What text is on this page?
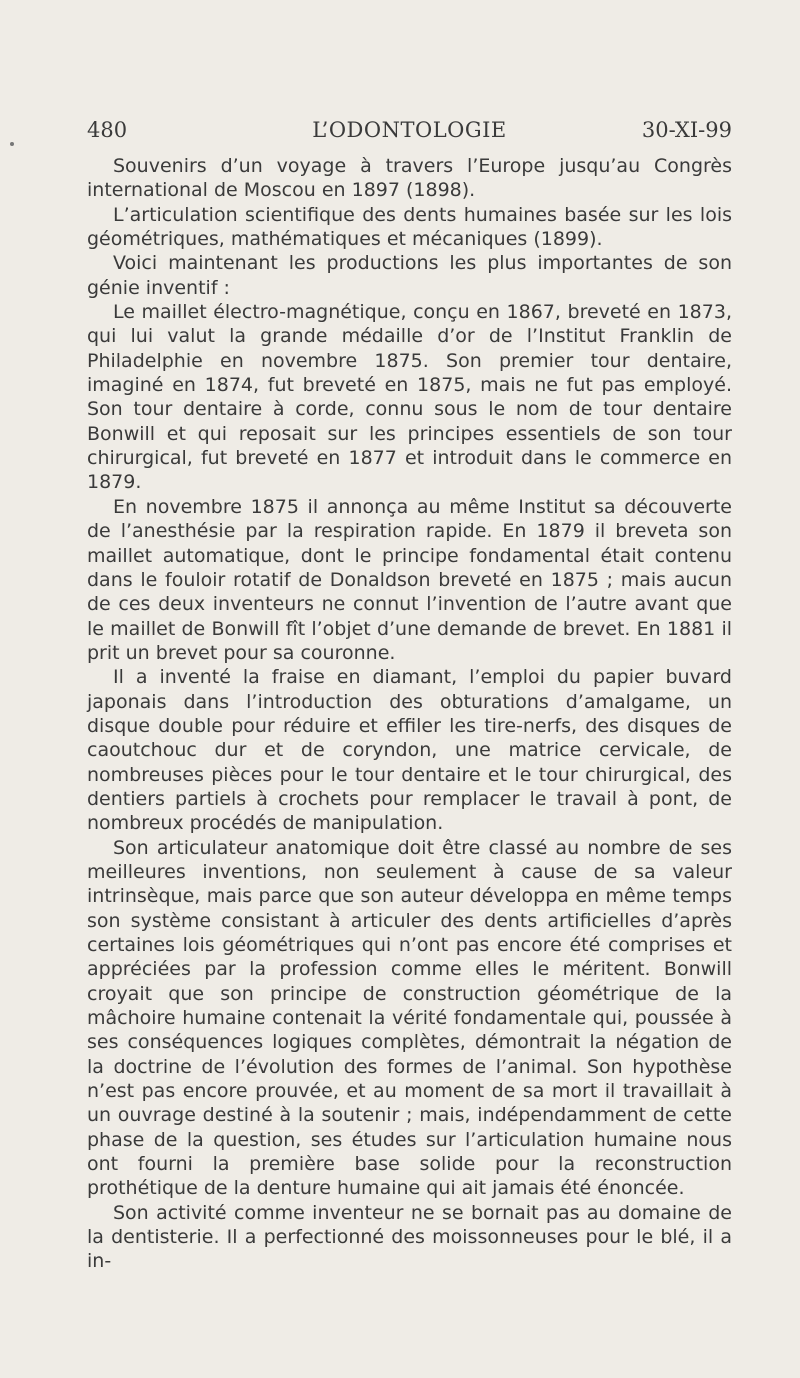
480	L’ODONTOLOGIE	30-XI-99

Souvenirs d’un voyage à travers l’Europe jusqu’au Congrès international de Moscou en 1897 (1898).

L’articulation scientifique des dents humaines basée sur les lois géométriques, mathématiques et mécaniques (1899).

Voici maintenant les productions les plus importantes de son génie inventif :

Le maillet électro-magnétique, conçu en 1867, breveté en 1873, qui lui valut la grande médaille d’or de l’Institut Franklin de Philadelphie en novembre 1875. Son premier tour dentaire, imaginé en 1874, fut breveté en 1875, mais ne fut pas employé. Son tour dentaire à corde, connu sous le nom de tour dentaire Bonwill et qui reposait sur les principes essentiels de son tour chirurgical, fut breveté en 1877 et introduit dans le commerce en 1879.

En novembre 1875 il annonça au même Institut sa découverte de l’anesthésie par la respiration rapide. En 1879 il breveta son maillet automatique, dont le principe fondamental était contenu dans le fouloir rotatif de Donaldson breveté en 1875 ; mais aucun de ces deux inventeurs ne connut l’invention de l’autre avant que le maillet de Bonwill fît l’objet d’une demande de brevet. En 1881 il prit un brevet pour sa couronne.

Il a inventé la fraise en diamant, l’emploi du papier buvard japonais dans l’introduction des obturations d’amalgame, un disque double pour réduire et effiler les tire-nerfs, des disques de caoutchouc dur et de coryndon, une matrice cervicale, de nombreuses pièces pour le tour dentaire et le tour chirurgical, des dentiers partiels à crochets pour remplacer le travail à pont, de nombreux procédés de manipulation.

Son articulateur anatomique doit être classé au nombre de ses meilleures inventions, non seulement à cause de sa valeur intrinsèque, mais parce que son auteur développa en même temps son système consistant à articuler des dents artificielles d’après certaines lois géométriques qui n’ont pas encore été comprises et appréciées par la profession comme elles le méritent. Bonwill croyait que son principe de construction géométrique de la mâchoire humaine contenait la vérité fondamentale qui, poussée à ses conséquences logiques complètes, démontrait la négation de la doctrine de l’évolution des formes de l’animal. Son hypothèse n’est pas encore prouvée, et au moment de sa mort il travaillait à un ouvrage destiné à la soutenir ; mais, indépendamment de cette phase de la question, ses études sur l’articulation humaine nous ont fourni la première base solide pour la reconstruction prothétique de la denture humaine qui ait jamais été énoncée.

Son activité comme inventeur ne se bornait pas au domaine de la dentisterie. Il a perfectionné des moissonneuses pour le blé, il a in-
